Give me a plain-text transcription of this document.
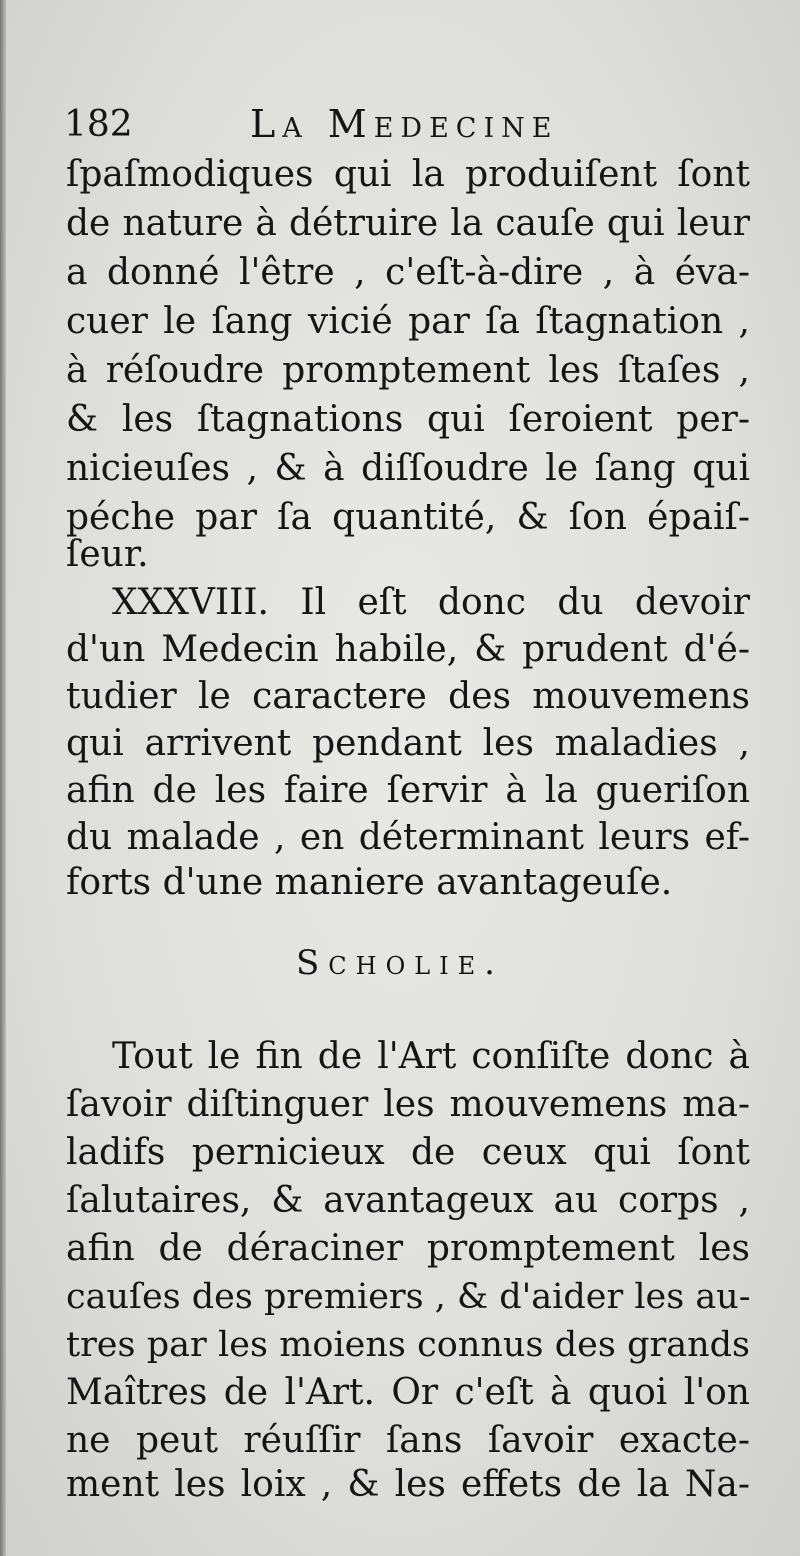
182	La Medecine
ſpaſmodiques qui la produiſent ſont
de nature à détruire la cauſe qui leur
a donné l'être , c'eſt-à-dire , à éva-
cuer le ſang vicié par ſa ſtagnation ,
à réſoudre promptement les ſtaſes ,
& les ſtagnations qui ſeroient per-
nicieuſes , & à diſſoudre le ſang qui
péche par ſa quantité, & ſon épaiſ-
ſeur.
XXXVIII. Il eſt donc du devoir
d'un Medecin habile, & prudent d'é-
tudier le caractere des mouvemens
qui arrivent pendant les maladies ,
afin de les faire ſervir à la gueriſon
du malade , en déterminant leurs ef-
forts d'une maniere avantageuſe.
Scholie.
Tout le fin de l'Art conſiſte donc à
ſavoir diſtinguer les mouvemens ma-
ladifs pernicieux de ceux qui ſont
ſalutaires, & avantageux au corps ,
afin de déraciner promptement les
cauſes des premiers , & d'aider les au-
tres par les moiens connus des grands
Maîtres de l'Art. Or c'eſt à quoi l'on
ne peut réuſſir ſans ſavoir exacte-
ment les loix , & les effets de la Na-
